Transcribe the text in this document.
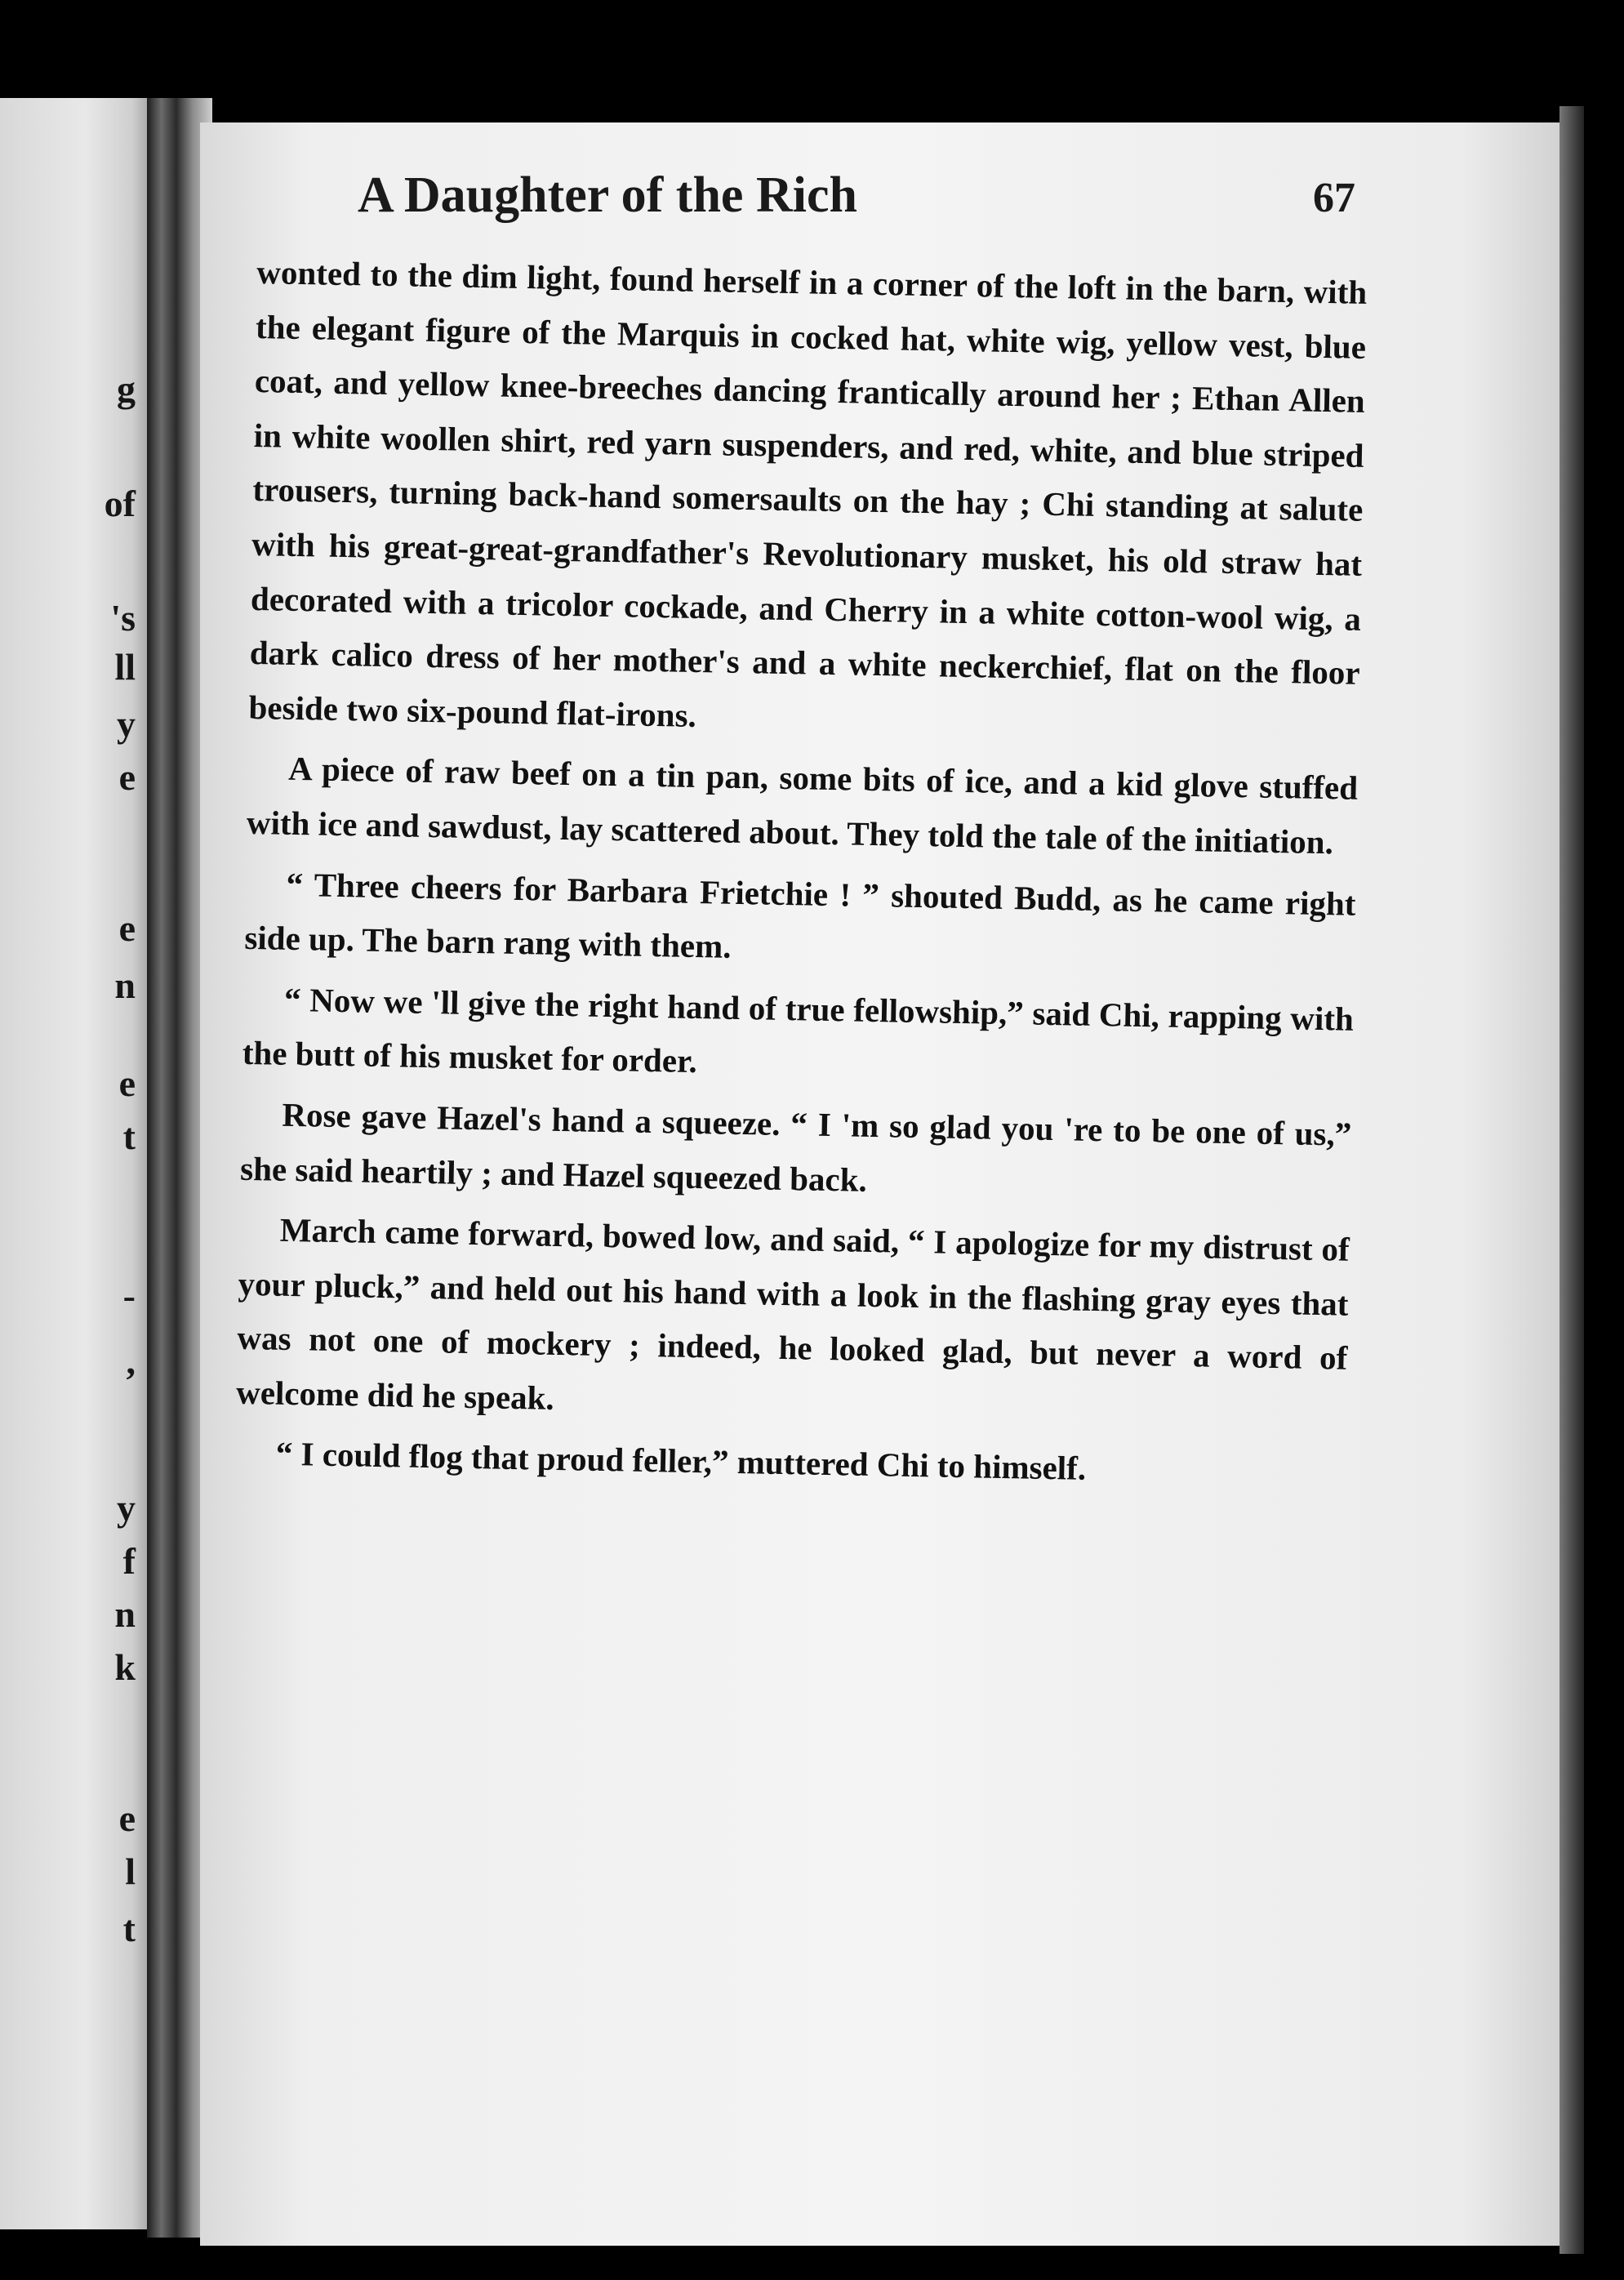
g
of
's
ll
y
e
e
n
e
t
-
,
y
f
n
k
e
l
t
A Daughter of the Rich	67

wonted to the dim light, found herself in a corner of the loft in the barn, with the elegant figure of the Marquis in cocked hat, white wig, yellow vest, blue coat, and yellow knee-breeches dancing frantically around her ; Ethan Allen in white woollen shirt, red yarn suspenders, and red, white, and blue striped trousers, turning back-hand somersaults on the hay ; Chi standing at salute with his great-great-grandfather's Revolutionary musket, his old straw hat decorated with a tricolor cockade, and Cherry in a white cotton-wool wig, a dark calico dress of her mother's and a white neckerchief, flat on the floor beside two six-pound flat-irons.

A piece of raw beef on a tin pan, some bits of ice, and a kid glove stuffed with ice and sawdust, lay scattered about. They told the tale of the initiation.

“ Three cheers for Barbara Frietchie ! ” shouted Budd, as he came right side up. The barn rang with them.

“ Now we 'll give the right hand of true fellowship,” said Chi, rapping with the butt of his musket for order.

Rose gave Hazel's hand a squeeze. “ I 'm so glad you 're to be one of us,” she said heartily ; and Hazel squeezed back.

March came forward, bowed low, and said, “ I apologize for my distrust of your pluck,” and held out his hand with a look in the flashing gray eyes that was not one of mockery ; indeed, he looked glad, but never a word of welcome did he speak.

“ I could flog that proud feller,” muttered Chi to himself.
